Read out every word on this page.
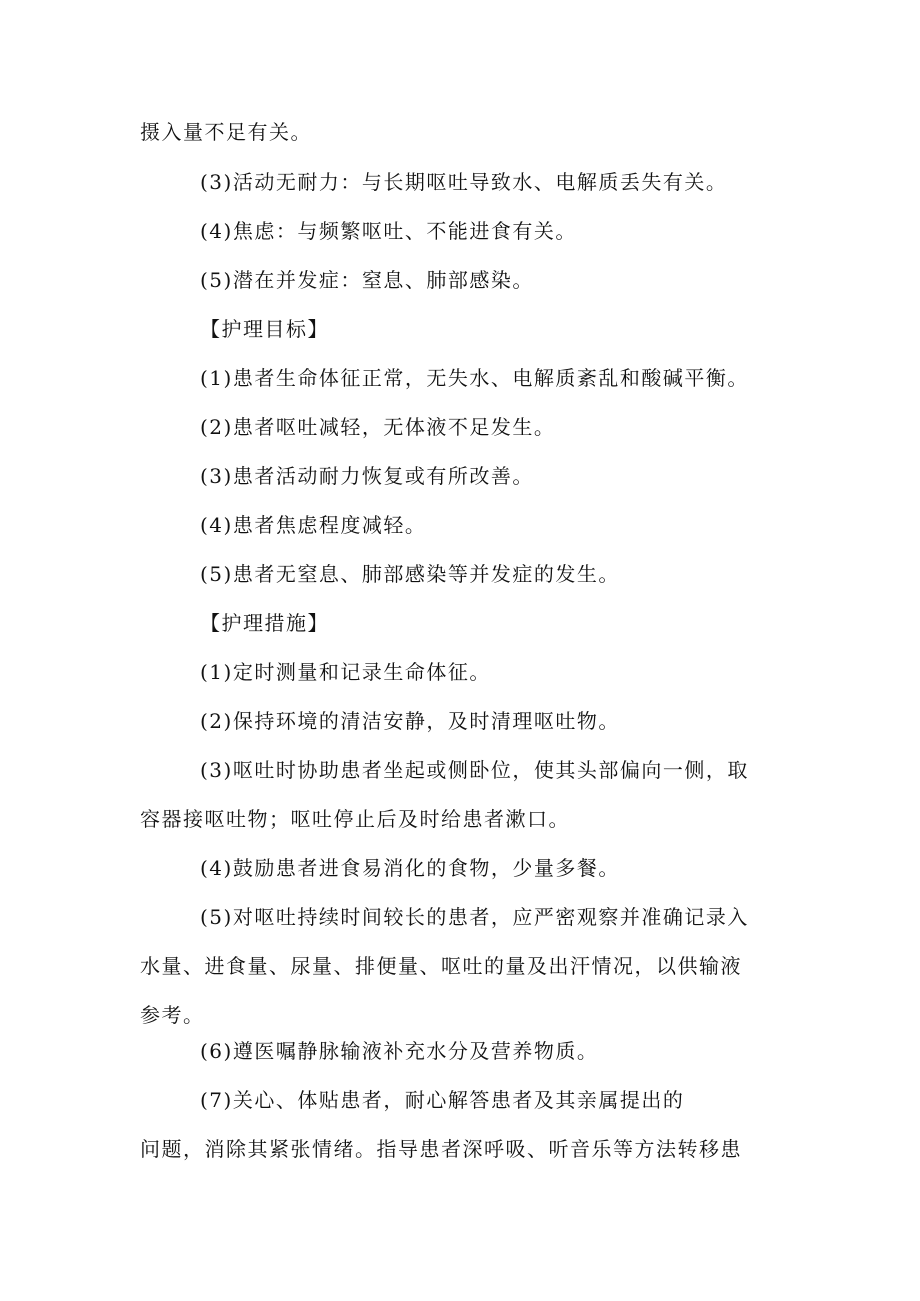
摄入量不足有关。
(3)活动无耐力：与长期呕吐导致水、电解质丢失有关。
(4)焦虑：与频繁呕吐、不能进食有关。
(5)潜在并发症：窒息、肺部感染。
【护理目标】
(1)患者生命体征正常，无失水、电解质紊乱和酸碱平衡。
(2)患者呕吐减轻，无体液不足发生。
(3)患者活动耐力恢复或有所改善。
(4)患者焦虑程度减轻。
(5)患者无窒息、肺部感染等并发症的发生。
【护理措施】
(1)定时测量和记录生命体征。
(2)保持环境的清洁安静，及时清理呕吐物。
(3)呕吐时协助患者坐起或侧卧位，使其头部偏向一侧，取
容器接呕吐物；呕吐停止后及时给患者漱口。
(4)鼓励患者进食易消化的食物，少量多餐。
(5)对呕吐持续时间较长的患者，应严密观察并准确记录入
水量、进食量、尿量、排便量、呕吐的量及出汗情况，以供输液
参考。
(6)遵医嘱静脉输液补充水分及营养物质。
(7)关心、体贴患者，耐心解答患者及其亲属提出的
问题，消除其紧张情绪。指导患者深呼吸、听音乐等方法转移患
